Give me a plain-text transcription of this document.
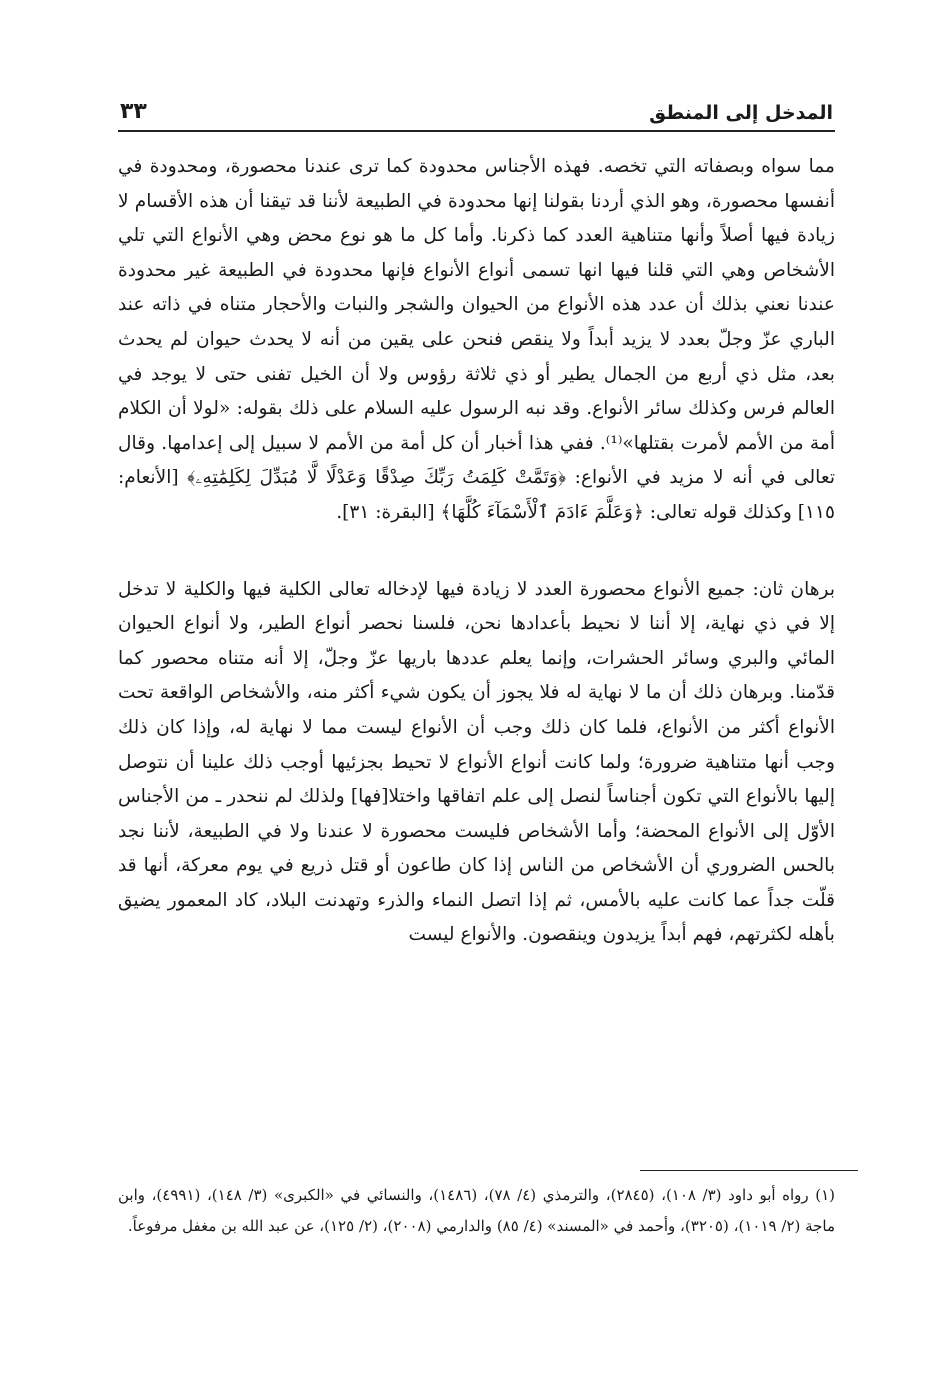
المدخل إلى المنطق
٣٣

مما سواه وبصفاته التي تخصه. فهذه الأجناس محدودة كما ترى عندنا محصورة، ومحدودة في أنفسها محصورة، وهو الذي أردنا بقولنا إنها محدودة في الطبيعة لأننا قد تيقنا أن هذه الأقسام لا زيادة فيها أصلاً وأنها متناهية العدد كما ذكرنا. وأما كل ما هو نوع محض وهي الأنواع التي تلي الأشخاص وهي التي قلنا فيها انها تسمى أنواع الأنواع فإنها محدودة في الطبيعة غير محدودة عندنا نعني بذلك أن عدد هذه الأنواع من الحيوان والشجر والنبات والأحجار متناه في ذاته عند الباري عزّ وجلّ بعدد لا يزيد أبداً ولا ينقص فنحن على يقين من أنه لا يحدث حيوان لم يحدث بعد، مثل ذي أربع من الجمال يطير أو ذي ثلاثة رؤوس ولا أن الخيل تفنى حتى لا يوجد في العالم فرس وكذلك سائر الأنواع. وقد نبه الرسول عليه السلام على ذلك بقوله: «لولا أن الكلام أمة من الأمم لأمرت بقتلها»⁽¹⁾. ففي هذا أخبار أن كل أمة من الأمم لا سبيل إلى إعدامها. وقال تعالى في أنه لا مزيد في الأنواع: ﴿وَتَمَّتْ كَلِمَتُ رَبِّكَ صِدْقًا وَعَدْلًا لَّا مُبَدِّلَ لِكَلِمَٰتِهِۦ﴾ [الأنعام: ١١٥] وكذلك قوله تعالى: ﴿وَعَلَّمَ ءَادَمَ ٱلْأَسْمَآءَ كُلَّهَا﴾ [البقرة: ٣١].

برهان ثان: جميع الأنواع محصورة العدد لا زيادة فيها لإدخاله تعالى الكلية فيها والكلية لا تدخل إلا في ذي نهاية، إلا أننا لا نحيط بأعدادها نحن، فلسنا نحصر أنواع الطير، ولا أنواع الحيوان المائي والبري وسائر الحشرات، وإنما يعلم عددها باريها عزّ وجلّ، إلا أنه متناه محصور كما قدّمنا. وبرهان ذلك أن ما لا نهاية له فلا يجوز أن يكون شيء أكثر منه، والأشخاص الواقعة تحت الأنواع أكثر من الأنواع، فلما كان ذلك وجب أن الأنواع ليست مما لا نهاية له، وإذا كان ذلك وجب أنها متناهية ضرورة؛ ولما كانت أنواع الأنواع لا تحيط بجزئيها أوجب ذلك علينا أن نتوصل إليها بالأنواع التي تكون أجناساً لنصل إلى علم اتفاقها واختلا[فها] ولذلك لم ننحدر ـ من الأجناس الأوّل إلى الأنواع المحضة؛ وأما الأشخاص فليست محصورة لا عندنا ولا في الطبيعة، لأننا نجد بالحس الضروري أن الأشخاص من الناس إذا كان طاعون أو قتل ذريع في يوم معركة، أنها قد قلّت جداً عما كانت عليه بالأمس، ثم إذا اتصل النماء والذرء وتهدنت البلاد، كاد المعمور يضيق بأهله لكثرتهم، فهم أبداً يزيدون وينقصون. والأنواع ليست

(١) رواه أبو داود (٣/ ١٠٨)، (٢٨٤٥)، والترمذي (٤/ ٧٨)، (١٤٨٦)، والنسائي في «الكبرى» (٣/ ١٤٨)، (٤٩٩١)، وابن ماجة (٢/ ١٠١٩)، (٣٢٠٥)، وأحمد في «المسند» (٤/ ٨٥) والدارمي (٢٠٠٨)، (٢/ ١٢٥)، عن عبد الله بن مغفل مرفوعاً.
